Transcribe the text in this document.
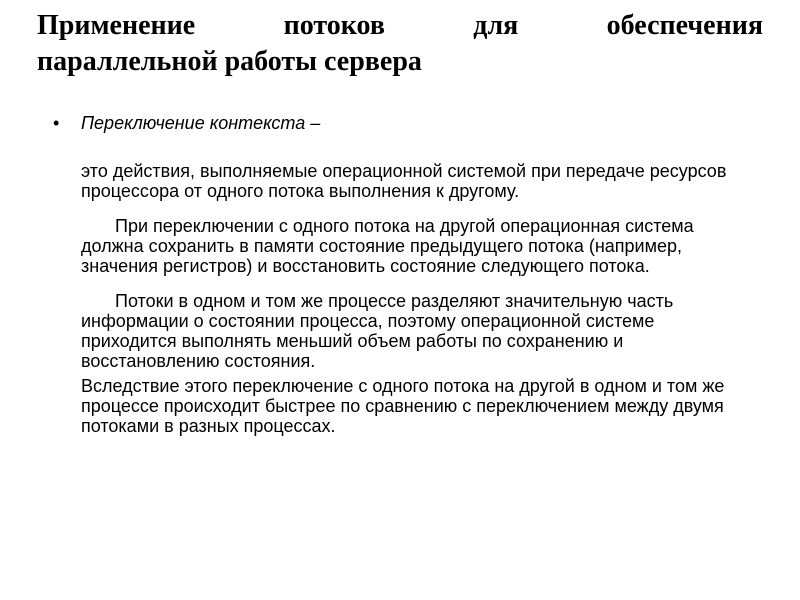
Применение потоков для обеспечения
параллельной работы сервера
• Переключение контекста –

это действия, выполняемые операционной системой при передаче ресурсов процессора от одного потока выполнения к другому.

При переключении с одного потока на другой операционная система должна сохранить в памяти состояние предыдущего потока (например, значения регистров) и восстановить состояние следующего потока.

Потоки в одном и том же процессе разделяют значительную часть информации о состоянии процесса, поэтому операционной системе приходится выполнять меньший объем работы по сохранению и восстановлению состояния.

Вследствие этого переключение с одного потока на другой в одном и том же процессе происходит быстрее по сравнению с переключением между двумя потоками в разных процессах.
